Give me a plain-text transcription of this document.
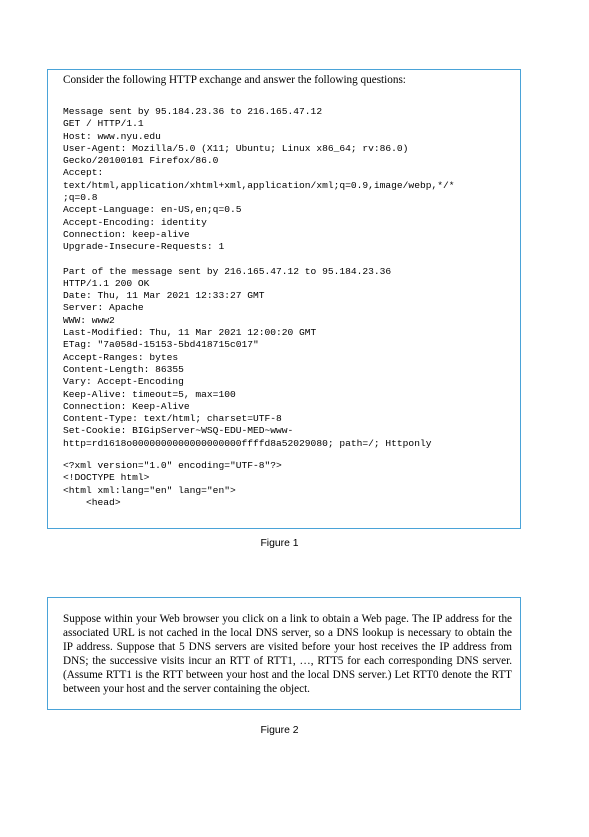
Consider the following HTTP exchange and answer the following questions:

Message sent by 95.184.23.36 to 216.165.47.12
GET / HTTP/1.1
Host: www.nyu.edu
User-Agent: Mozilla/5.0 (X11; Ubuntu; Linux x86_64; rv:86.0)
Gecko/20100101 Firefox/86.0
Accept:
text/html,application/xhtml+xml,application/xml;q=0.9,image/webp,*/*
;q=0.8
Accept-Language: en-US,en;q=0.5
Accept-Encoding: identity
Connection: keep-alive
Upgrade-Insecure-Requests: 1
Part of the message sent by 216.165.47.12 to 95.184.23.36
HTTP/1.1 200 OK
Date: Thu, 11 Mar 2021 12:33:27 GMT
Server: Apache
WWW: www2
Last-Modified: Thu, 11 Mar 2021 12:00:20 GMT
ETag: "7a058d-15153-5bd418715c017"
Accept-Ranges: bytes
Content-Length: 86355
Vary: Accept-Encoding
Keep-Alive: timeout=5, max=100
Connection: Keep-Alive
Content-Type: text/html; charset=UTF-8
Set-Cookie: BIGipServer~WSQ-EDU-MED~www-
http=rd1618o0000000000000000000ffffd8a52029080; path=/; Httponly
<?xml version="1.0" encoding="UTF-8"?>
<!DOCTYPE html>
<html xml:lang="en" lang="en">
<head>
Figure 1

Suppose within your Web browser you click on a link to obtain a Web page. The IP address for the associated URL is not cached in the local DNS server, so a DNS lookup is necessary to obtain the IP address. Suppose that 5 DNS servers are visited before your host receives the IP address from DNS; the successive visits incur an RTT of RTT1, …, RTT5 for each corresponding DNS server. (Assume RTT1 is the RTT between your host and the local DNS server.) Let RTT0 denote the RTT between your host and the server containing the object.

Figure 2
